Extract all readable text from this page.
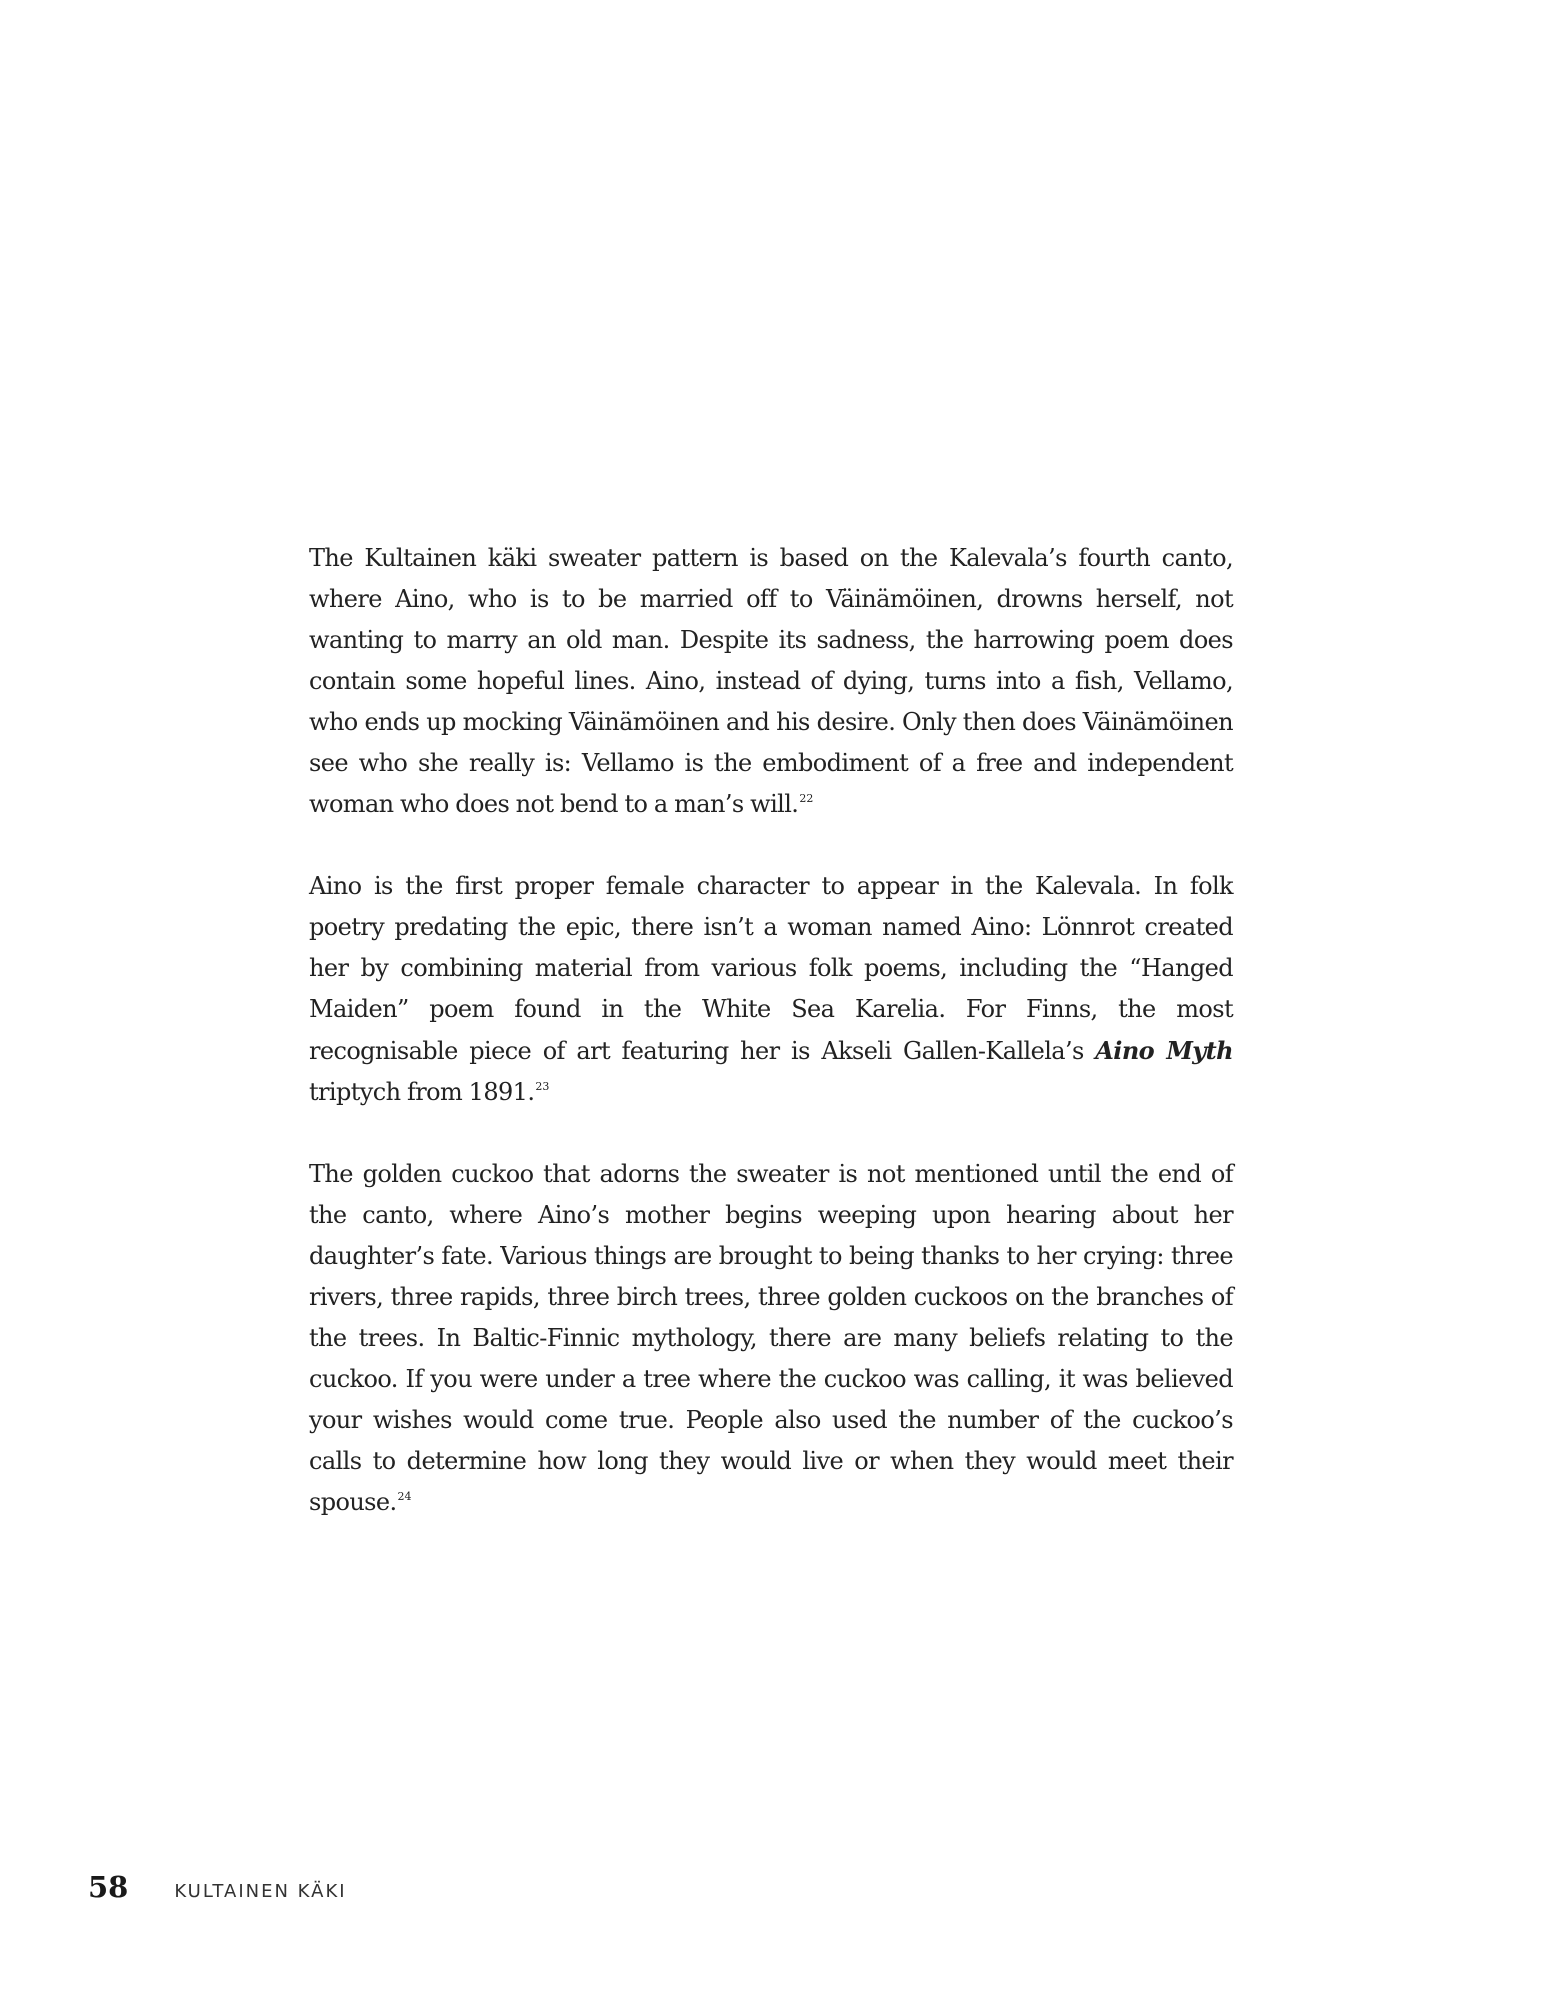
The Kultainen käki sweater pattern is based on the Kalevala’s fourth canto, where Aino, who is to be married off to Väinämöinen, drowns herself, not wanting to marry an old man. Despite its sadness, the harrowing poem does contain some hopeful lines. Aino, instead of dying, turns into a fish, Vellamo, who ends up mocking Väinämöinen and his desire. Only then does Väinämöinen see who she really is: Vellamo is the embodiment of a free and independent woman who does not bend to a man’s will.$^{22}$

Aino is the first proper female character to appear in the Kalevala. In folk poetry predating the epic, there isn’t a woman named Aino: Lönnrot created her by combining material from various folk poems, including the “Hanged Maiden” poem found in the White Sea Karelia. For Finns, the most recognisable piece of art featuring her is Akseli Gallen-Kallela’s Aino Myth triptych from 1891.23

The golden cuckoo that adorns the sweater is not mentioned until the end of the canto, where Aino’s mother begins weeping upon hearing about her daughter’s fate. Various things are brought to being thanks to her crying: three rivers, three rapids, three birch trees, three golden cuckoos on the branches of the trees. In Baltic-Finnic mythology, there are many beliefs relating to the cuckoo. If you were under a tree where the cuckoo was calling, it was believed your wishes would come true. People also used the number of the cuckoo’s calls to determine how long they would live or when they would meet their spouse.$^{24}$

58	KULTAINEN KÄKI
